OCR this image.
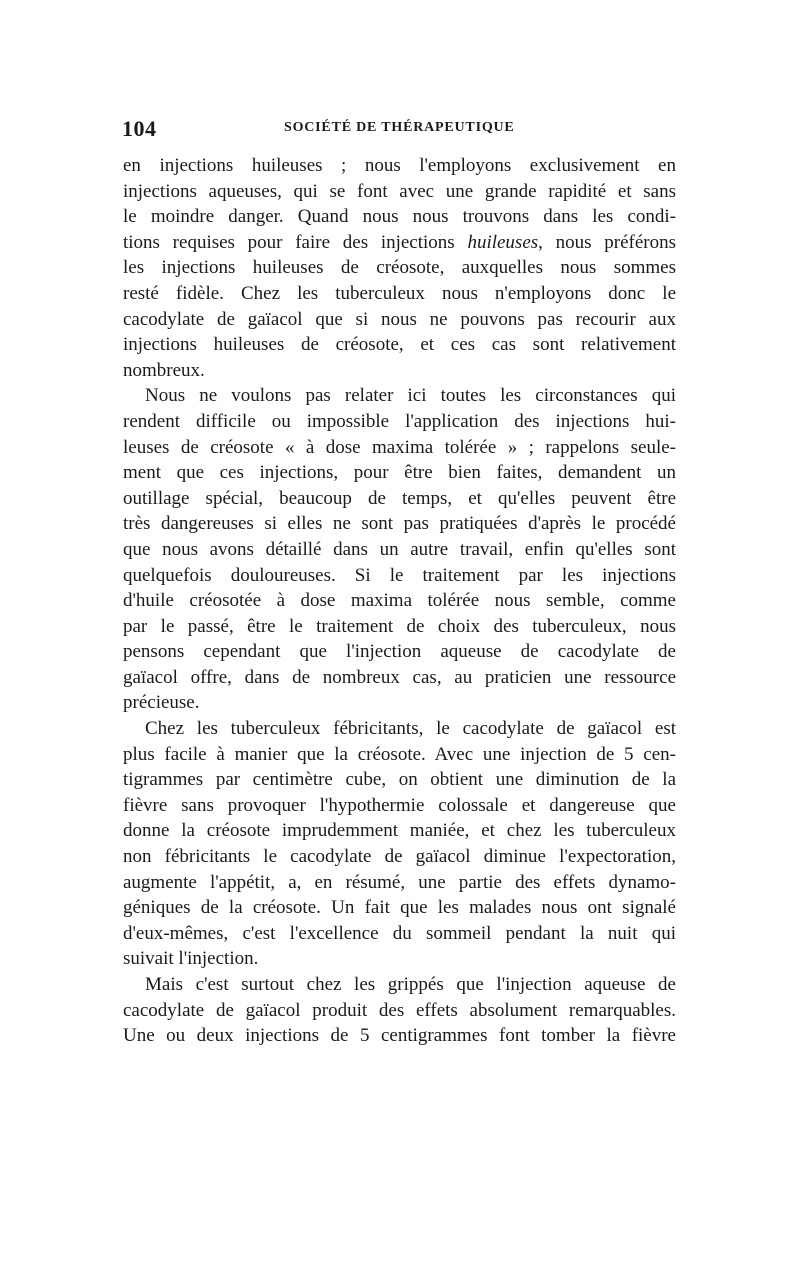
104	SOCIÉTÉ DE THÉRAPEUTIQUE
en injections huileuses ; nous l'employons exclusivement en
injections aqueuses, qui se font avec une grande rapidité et sans
le moindre danger. Quand nous nous trouvons dans les condi-
tions requises pour faire des injections huileuses, nous préférons
les injections huileuses de créosote, auxquelles nous sommes
resté fidèle. Chez les tuberculeux nous n'employons donc le
cacodylate de gaïacol que si nous ne pouvons pas recourir aux
injections huileuses de créosote, et ces cas sont relativement
nombreux.
Nous ne voulons pas relater ici toutes les circonstances qui
rendent difficile ou impossible l'application des injections hui-
leuses de créosote « à dose maxima tolérée » ; rappelons seule-
ment que ces injections, pour être bien faites, demandent un
outillage spécial, beaucoup de temps, et qu'elles peuvent être
très dangereuses si elles ne sont pas pratiquées d'après le procédé
que nous avons détaillé dans un autre travail, enfin qu'elles sont
quelquefois douloureuses. Si le traitement par les injections
d'huile créosotée à dose maxima tolérée nous semble, comme
par le passé, être le traitement de choix des tuberculeux, nous
pensons cependant que l'injection aqueuse de cacodylate de
gaïacol offre, dans de nombreux cas, au praticien une ressource
précieuse.
Chez les tuberculeux fébricitants, le cacodylate de gaïacol est
plus facile à manier que la créosote. Avec une injection de 5 cen-
tigrammes par centimètre cube, on obtient une diminution de la
fièvre sans provoquer l'hypothermie colossale et dangereuse que
donne la créosote imprudemment maniée, et chez les tuberculeux
non fébricitants le cacodylate de gaïacol diminue l'expectoration,
augmente l'appétit, a, en résumé, une partie des effets dynamo-
géniques de la créosote. Un fait que les malades nous ont signalé
d'eux-mêmes, c'est l'excellence du sommeil pendant la nuit qui
suivait l'injection.
Mais c'est surtout chez les grippés que l'injection aqueuse de
cacodylate de gaïacol produit des effets absolument remarquables.
Une ou deux injections de 5 centigrammes font tomber la fièvre
